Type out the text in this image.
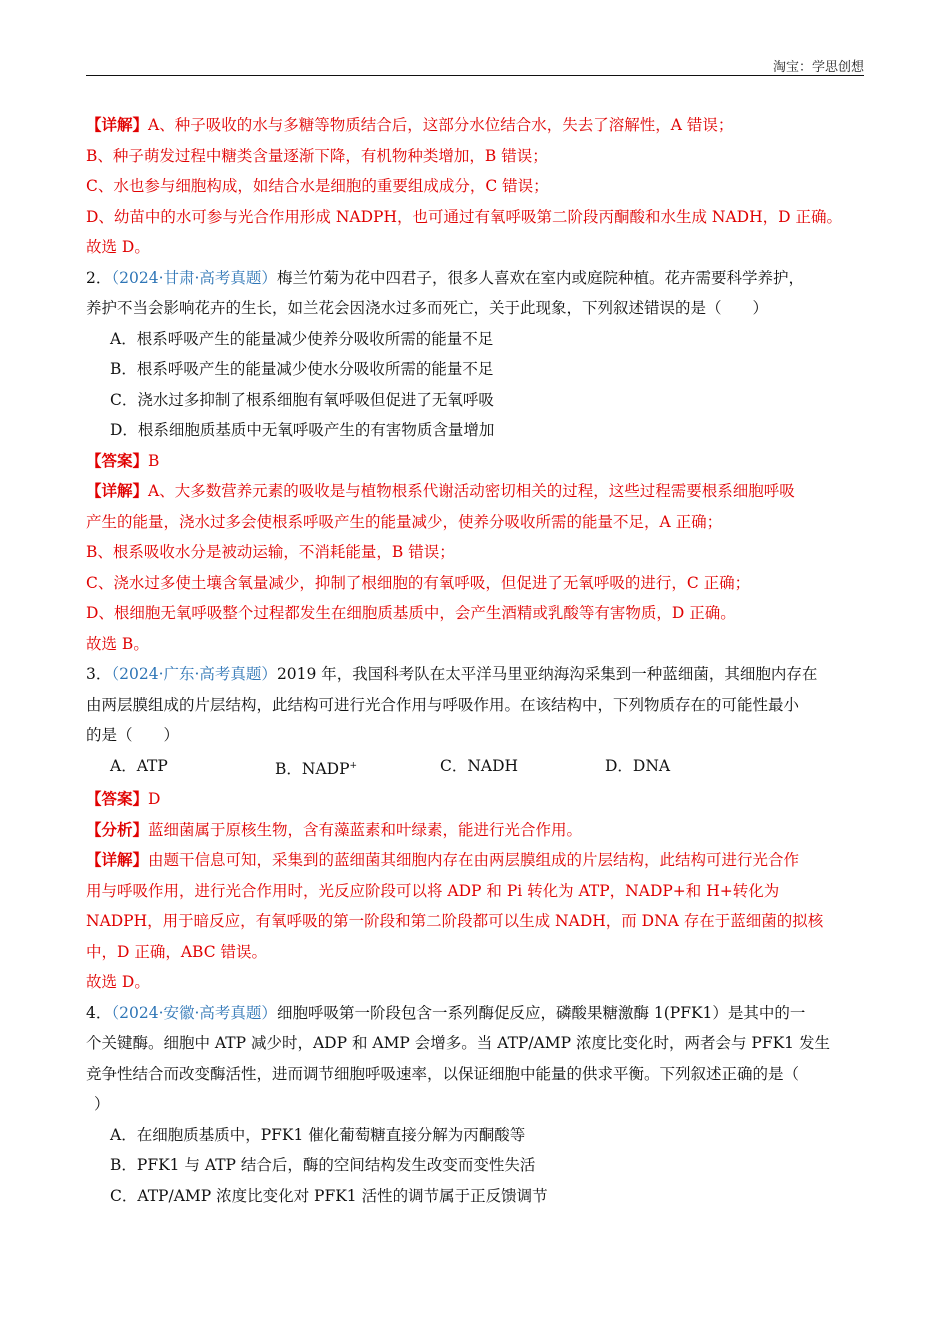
淘宝：学思创想
【详解】A、种子吸收的水与多糖等物质结合后，这部分水位结合水，失去了溶解性，A 错误；
B、种子萌发过程中糖类含量逐渐下降，有机物种类增加，B 错误；
C、水也参与细胞构成，如结合水是细胞的重要组成成分，C 错误；
D、幼苗中的水可参与光合作用形成 NADPH，也可通过有氧呼吸第二阶段丙酮酸和水生成 NADH，D 正确。
故选 D。
2．（2024·甘肃·高考真题）梅兰竹菊为花中四君子，很多人喜欢在室内或庭院种植。花卉需要科学养护，
养护不当会影响花卉的生长，如兰花会因浇水过多而死亡，关于此现象，下列叙述错误的是（　　）
A．根系呼吸产生的能量减少使养分吸收所需的能量不足
B．根系呼吸产生的能量减少使水分吸收所需的能量不足
C．浇水过多抑制了根系细胞有氧呼吸但促进了无氧呼吸
D．根系细胞质基质中无氧呼吸产生的有害物质含量增加
【答案】B
【详解】A、大多数营养元素的吸收是与植物根系代谢活动密切相关的过程，这些过程需要根系细胞呼吸
产生的能量，浇水过多会使根系呼吸产生的能量减少，使养分吸收所需的能量不足，A 正确；
B、根系吸收水分是被动运输，不消耗能量，B 错误；
C、浇水过多使土壤含氧量减少，抑制了根细胞的有氧呼吸，但促进了无氧呼吸的进行，C 正确；
D、根细胞无氧呼吸整个过程都发生在细胞质基质中，会产生酒精或乳酸等有害物质，D 正确。
故选 B。
3．（2024·广东·高考真题）2019 年，我国科考队在太平洋马里亚纳海沟采集到一种蓝细菌，其细胞内存在
由两层膜组成的片层结构，此结构可进行光合作用与呼吸作用。在该结构中，下列物质存在的可能性最小
的是（　　）
A．ATP	B．NADP+	C．NADH	D．DNA
【答案】D
【分析】蓝细菌属于原核生物，含有藻蓝素和叶绿素，能进行光合作用。
【详解】由题干信息可知，采集到的蓝细菌其细胞内存在由两层膜组成的片层结构，此结构可进行光合作
用与呼吸作用，进行光合作用时，光反应阶段可以将 ADP 和 Pi 转化为 ATP，NADP+和 H+转化为
NADPH，用于暗反应，有氧呼吸的第一阶段和第二阶段都可以生成 NADH，而 DNA 存在于蓝细菌的拟核
中，D 正确，ABC 错误。
故选 D。
4．（2024·安徽·高考真题）细胞呼吸第一阶段包含一系列酶促反应，磷酸果糖激酶 1(PFK1）是其中的一
个关键酶。细胞中 ATP 减少时，ADP 和 AMP 会增多。当 ATP/AMP 浓度比变化时，两者会与 PFK1 发生
竞争性结合而改变酶活性，进而调节细胞呼吸速率，以保证细胞中能量的供求平衡。下列叙述正确的是（
）
A．在细胞质基质中，PFK1 催化葡萄糖直接分解为丙酮酸等
B．PFK1 与 ATP 结合后，酶的空间结构发生改变而变性失活
C．ATP/AMP 浓度比变化对 PFK1 活性的调节属于正反馈调节
